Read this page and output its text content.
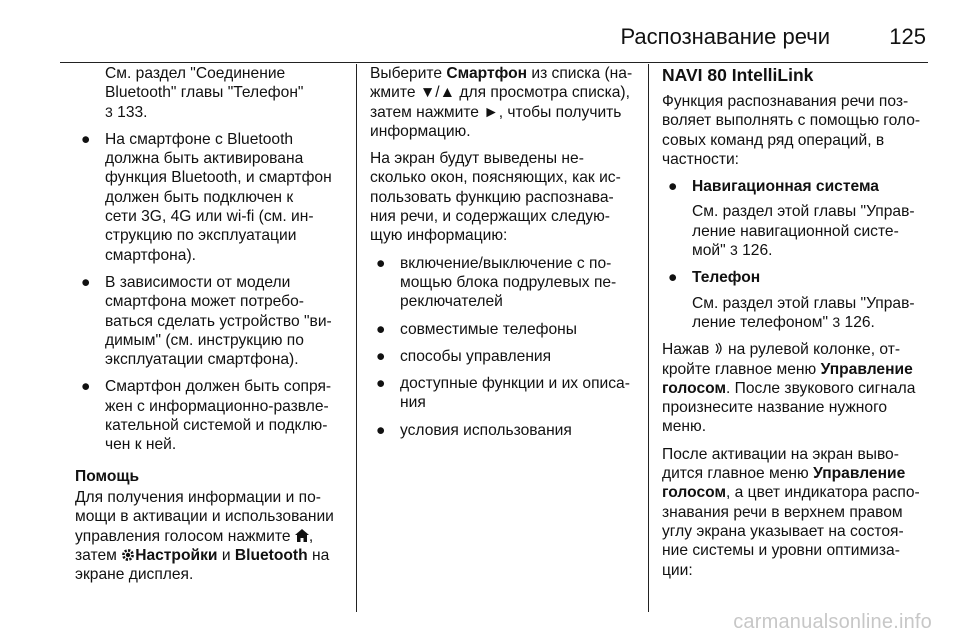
Распознавание речи	125

См. раздел "Соединение
Bluetooth" главы "Телефон"
3 133.

● На смартфоне с Bluetooth
должна быть активирована
функция Bluetooth, и смартфон
должен быть подключен к
сети 3G, 4G или wi-fi (см. ин-
струкцию по эксплуатации
смартфона).
● В зависимости от модели
смартфона может потребо-
ваться сделать устройство "ви-
димым" (см. инструкцию по
эксплуатации смартфона).
● Смартфон должен быть сопря-
жен с информационно-развле-
кательной системой и подклю-
чен к ней.
Помощь

Для получения информации и по-
мощи в активации и использовании
управления голосом нажмите ,
затем Настройки и Bluetooth на
экране дисплея.

Выберите Смартфон из списка (на-
жмите ▼/▲ для просмотра списка),
затем нажмите ►, чтобы получить
информацию.

На экран будут выведены не-
сколько окон, поясняющих, как ис-
пользовать функцию распознава-
ния речи, и содержащих следую-
щую информацию:

● включение/выключение с по-
мощью блока подрулевых пе-
реключателей
● совместимые телефоны
● способы управления
● доступные функции и их описа-
ния
● условия использования
NAVI 80 IntelliLink

Функция распознавания речи поз-
воляет выполнять с помощью голо-
совых команд ряд операций, в
частности:

● Навигационная система
См. раздел этой главы "Управ-
ление навигационной систе-
мой" 3 126.
● Телефон
См. раздел этой главы "Управ-
ление телефоном" 3 126.

Нажав на рулевой колонке, от-
кройте главное меню Управление
голосом. После звукового сигнала
произнесите название нужного
меню.

После активации на экран выво-
дится главное меню Управление
голосом, а цвет индикатора распо-
знавания речи в верхнем правом
углу экрана указывает на состоя-
ние системы и уровни оптимиза-
ции:

carmanualsonline.info
